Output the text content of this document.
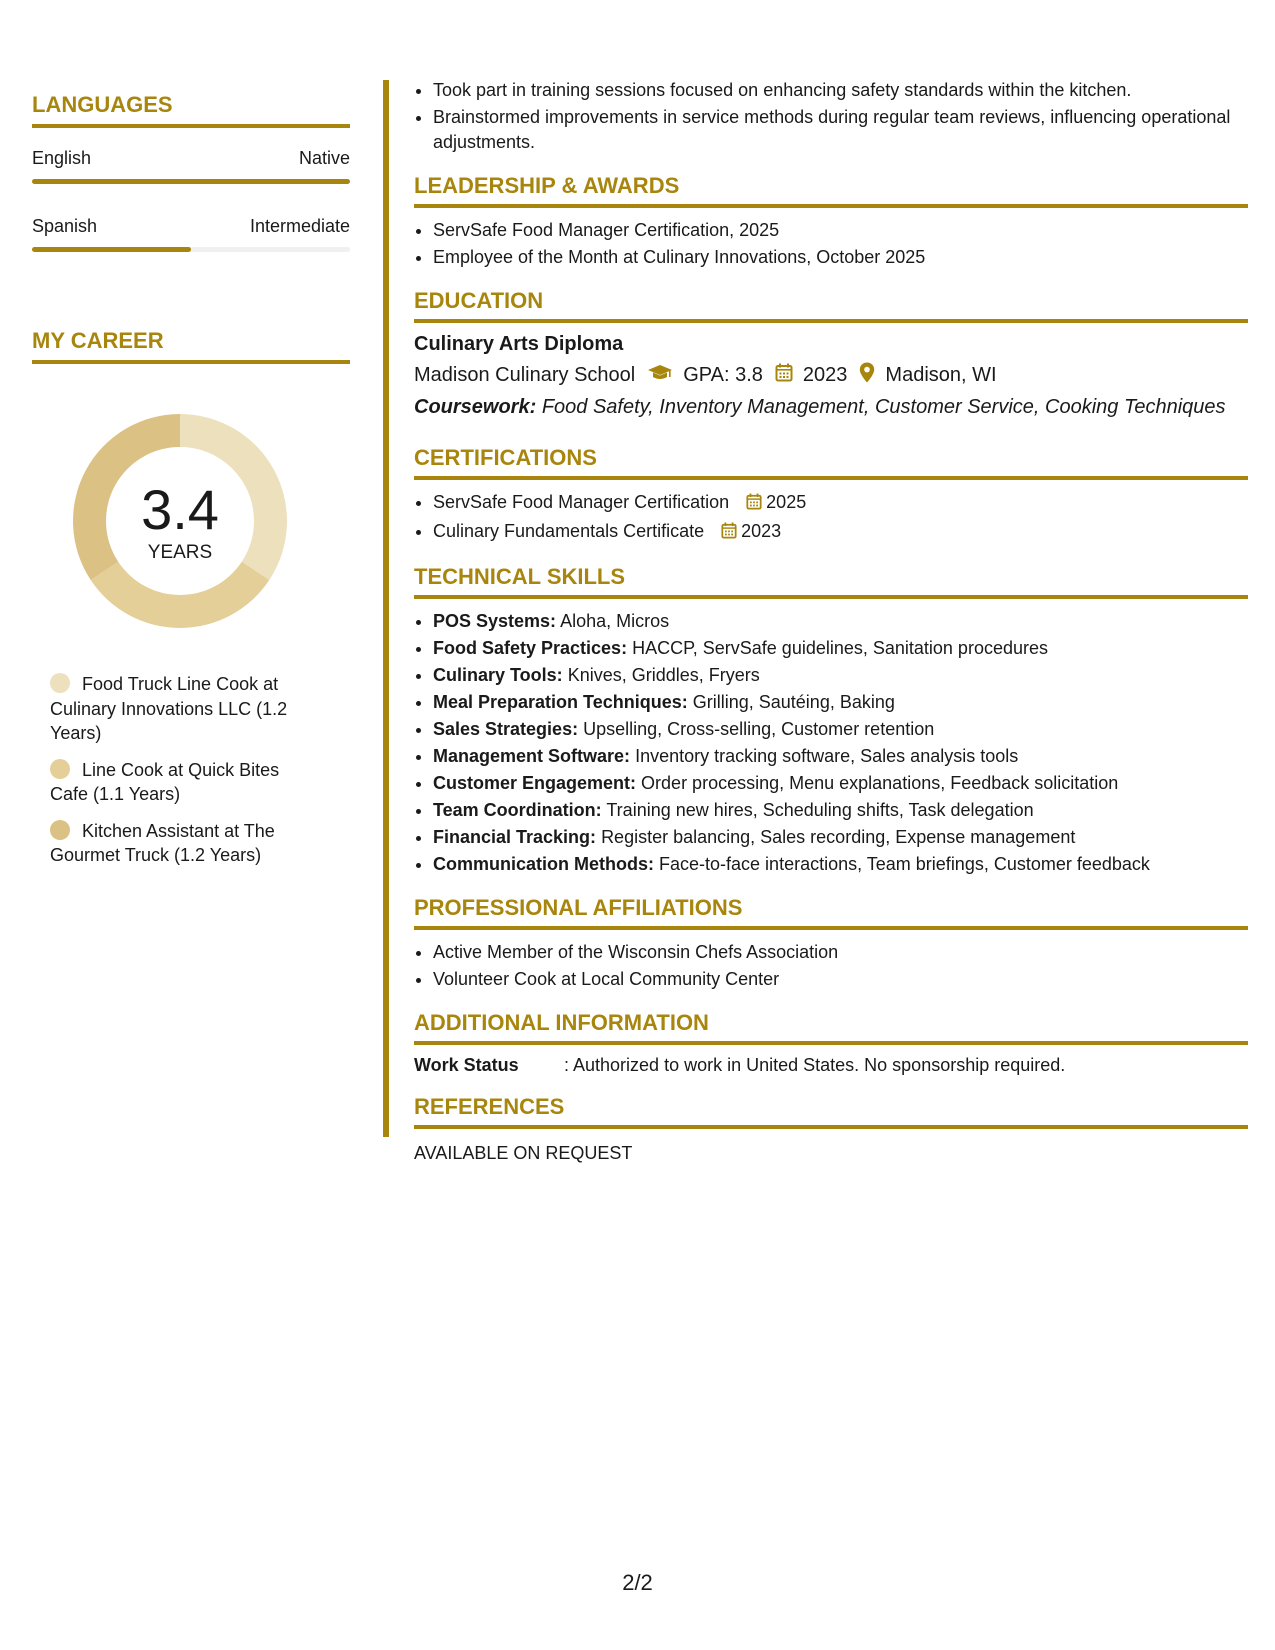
LANGUAGES
English	Native
Spanish	Intermediate
MY CAREER
3.4
YEARS
Food Truck Line Cook at Culinary Innovations LLC (1.2 Years)
Line Cook at Quick Bites Cafe (1.1 Years)
Kitchen Assistant at The Gourmet Truck (1.2 Years)
• Took part in training sessions focused on enhancing safety standards within the kitchen.
• Brainstormed improvements in service methods during regular team reviews, influencing operational adjustments.
LEADERSHIP & AWARDS
• ServSafe Food Manager Certification, 2025
• Employee of the Month at Culinary Innovations, October 2025
EDUCATION
Culinary Arts Diploma
Madison Culinary School GPA: 3.8 2023 Madison, WI
Coursework: Food Safety, Inventory Management, Customer Service, Cooking Techniques
CERTIFICATIONS
• ServSafe Food Manager Certification 2025
• Culinary Fundamentals Certificate 2023
TECHNICAL SKILLS
• POS Systems: Aloha, Micros
• Food Safety Practices: HACCP, ServSafe guidelines, Sanitation procedures
• Culinary Tools: Knives, Griddles, Fryers
• Meal Preparation Techniques: Grilling, Sautéing, Baking
• Sales Strategies: Upselling, Cross-selling, Customer retention
• Management Software: Inventory tracking software, Sales analysis tools
• Customer Engagement: Order processing, Menu explanations, Feedback solicitation
• Team Coordination: Training new hires, Scheduling shifts, Task delegation
• Financial Tracking: Register balancing, Sales recording, Expense management
• Communication Methods: Face-to-face interactions, Team briefings, Customer feedback
PROFESSIONAL AFFILIATIONS
• Active Member of the Wisconsin Chefs Association
• Volunteer Cook at Local Community Center
ADDITIONAL INFORMATION
Work Status	: Authorized to work in United States. No sponsorship required.
REFERENCES
AVAILABLE ON REQUEST
2/2
